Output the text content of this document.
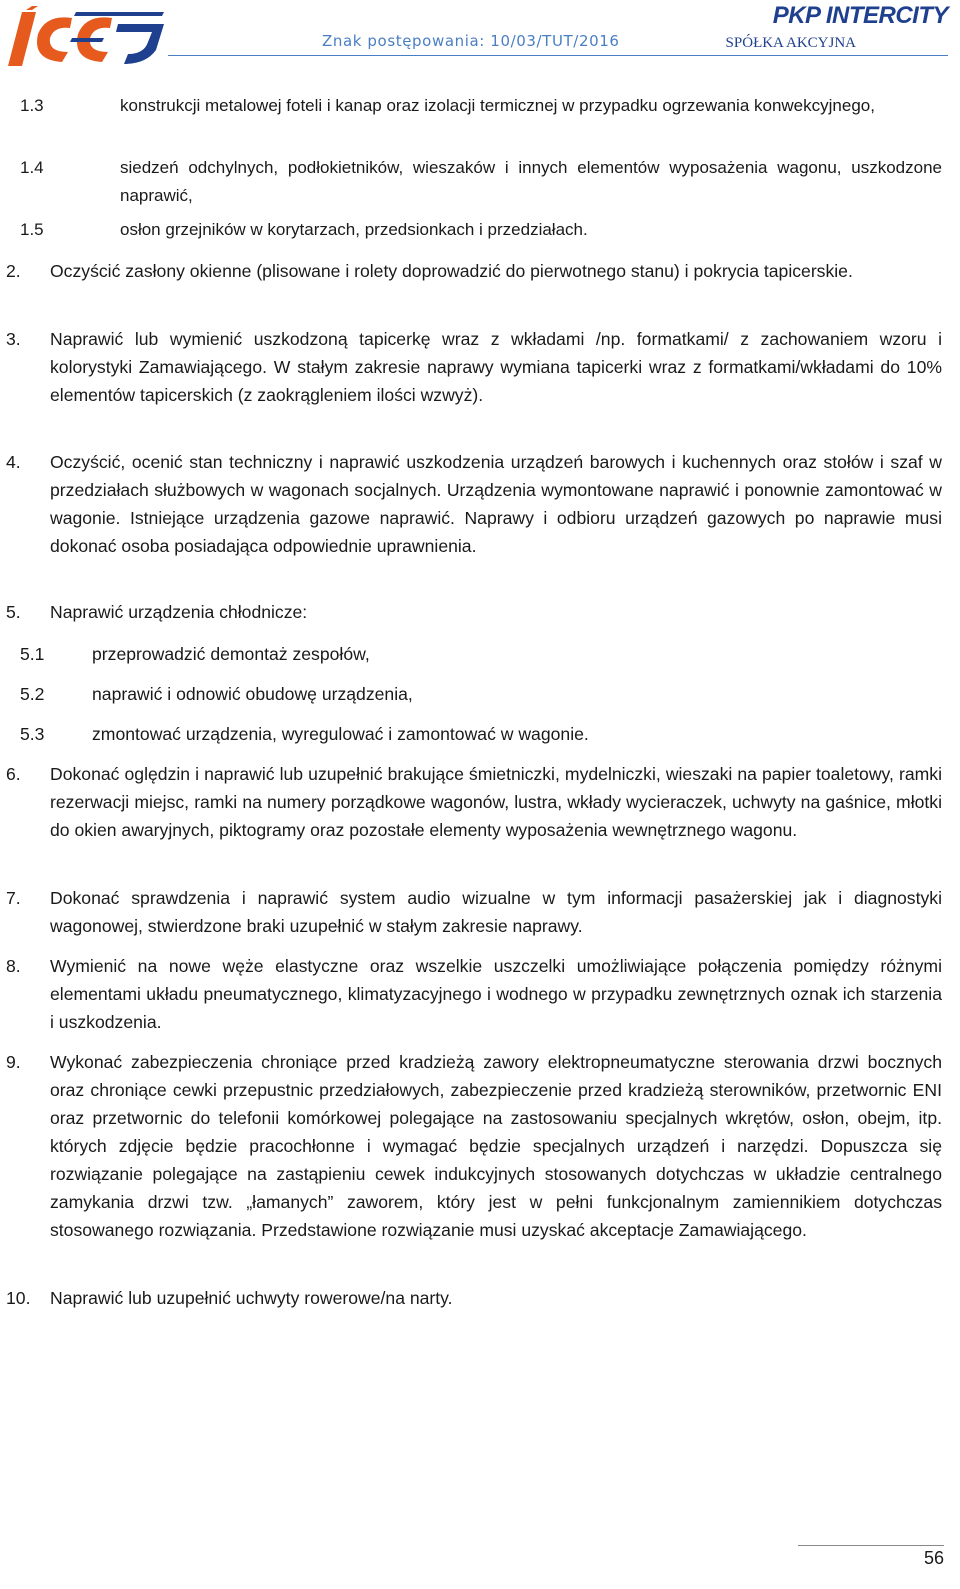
Znak postępowania: 10/03/TUT/2016
PKP INTERCITY
SPÓŁKA AKCYJNA
1.3	konstrukcji metalowej foteli i kanap oraz izolacji termicznej w przypadku ogrzewania konwekcyjnego,
1.4	siedzeń odchylnych, podłokietników, wieszaków i innych elementów wyposażenia wagonu, uszkodzone naprawić,
1.5	osłon grzejników w korytarzach, przedsionkach i przedziałach.
2. Oczyścić zasłony okienne (plisowane i rolety doprowadzić do pierwotnego stanu) i pokrycia tapicerskie.
3. Naprawić lub wymienić uszkodzoną tapicerkę wraz z wkładami /np. formatkami/ z zachowaniem wzoru i kolorystyki Zamawiającego. W stałym zakresie naprawy wymiana tapicerki wraz z formatkami/wkładami do 10% elementów tapicerskich (z zaokrągleniem ilości wzwyż).
4. Oczyścić, ocenić stan techniczny i naprawić uszkodzenia urządzeń barowych i kuchennych oraz stołów i szaf w przedziałach służbowych w wagonach socjalnych. Urządzenia wymontowane naprawić i ponownie zamontować w wagonie. Istniejące urządzenia gazowe naprawić. Naprawy i odbioru urządzeń gazowych po naprawie musi dokonać osoba posiadająca odpowiednie uprawnienia.
5. Naprawić urządzenia chłodnicze:
5.1	przeprowadzić demontaż zespołów,
5.2	naprawić i odnowić obudowę urządzenia,
5.3	zmontować urządzenia, wyregulować i zamontować w wagonie.
6. Dokonać oględzin i naprawić lub uzupełnić brakujące śmietniczki, mydelniczki, wieszaki na papier toaletowy, ramki rezerwacji miejsc, ramki na numery porządkowe wagonów, lustra, wkłady wycieraczek, uchwyty na gaśnice, młotki do okien awaryjnych, piktogramy oraz pozostałe elementy wyposażenia wewnętrznego wagonu.
7. Dokonać sprawdzenia i naprawić system audio wizualne w tym informacji pasażerskiej jak i diagnostyki wagonowej, stwierdzone braki uzupełnić w stałym zakresie naprawy.
8. Wymienić na nowe węże elastyczne oraz wszelkie uszczelki umożliwiające połączenia pomiędzy różnymi elementami układu pneumatycznego, klimatyzacyjnego i wodnego w przypadku zewnętrznych oznak ich starzenia i uszkodzenia.
9. Wykonać zabezpieczenia chroniące przed kradzieżą zawory elektropneumatyczne sterowania drzwi bocznych oraz chroniące cewki przepustnic przedziałowych, zabezpieczenie przed kradzieżą sterowników, przetwornic ENI oraz przetwornic do telefonii komórkowej polegające na zastosowaniu specjalnych wkrętów, osłon, obejm, itp. których zdjęcie będzie pracochłonne i wymagać będzie specjalnych urządzeń i narzędzi. Dopuszcza się rozwiązanie polegające na zastąpieniu cewek indukcyjnych stosowanych dotychczas w układzie centralnego zamykania drzwi tzw. „łamanych” zaworem, który jest w pełni funkcjonalnym zamiennikiem dotychczas stosowanego rozwiązania. Przedstawione rozwiązanie musi uzyskać akceptacje Zamawiającego.
10. Naprawić lub uzupełnić uchwyty rowerowe/na narty.
56
